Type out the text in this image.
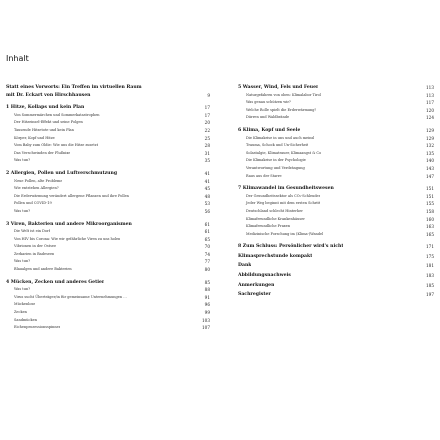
Inhalt
Statt eines Vorworts: Ein Treffen im virtuellen Raum
mit Dr. Eckart von Hirschhausen	9
1 Hitze, Kollaps und kein Plan	17
Von Sommermärchen und Sommerkatastrophen	17
Der Hitzeinsel-Effekt und seine Folgen	20
Tausende Hitzetote und kein Plan	22
Körper, Kopf und Hitze	25
Vom Baby zum Oldie: Wie uns die Hitze zusetzt	28
Das Verschwinden der Flußnixe	31
Was tun?	35
2 Allergien, Pollen und Luftverschmutzung	41
Neue Pollen, alte Probleme	41
Wie entstehen Allergien?	45
Die Erderwärmung verändert allergene Pflanzen und ihre Pollen	48
Pollen und COVID-19	53
Was tun?	56
3 Viren, Bakterien und andere Mikroorganismen	61
Die Welt ist ein Dorf	61
Von HIV bis Corona: Wie wir gefährliche Viren zu uns holen	65
Vibrionen in der Ostsee	70
Zerkarien in Badeseen	74
Was tun?	77
Blaualgen und andere Bakterien	80
4 Mücken, Zecken und anderes Getier	85
Was tun?	88
Virus sucht Überträger/in für gemeinsame Unternehmungen …	91
Mückenlose	96
Zecken	99
Sandmücken	103
Eichenprozessionsspinner	107
5 Wasser, Wind, Fels und Feuer	113
Naturgefahren von oben: Klimalabor Tirol	113
Was genau schützen wir?	117
Welche Rolle spielt die Erderwärmung?	120
Dürren und Waldbrände	124
6 Klima, Kopf und Seele	129
Die Klimakrise in uns und auch meinsl	129
Trauma, Schock und Un-Sicherheit	132
Solastalgie, Klimatrauer, Klimaangst & Co	135
Die Klimakrise in der Psychologie	140
Verantwortung und Verdrängung	143
Raus aus der Starre	147
7 Klimawandel im Gesundheitswesen	151
Der Gesundheitssektor als CO₂-Schleuder	151
Jeder Weg beginnt mit dem ersten Schritt	155
Deutschland schlecht Hinterher	158
Klimafreundliche Krankenhäuser	160
Klimafreundliche Praxen	163
Medizinische Forschung im (Klima-)Wandel	165
8 Zum Schluss: Persönlicher wird's nicht	171
Klimasprechstunde kompakt	175
Dank	181
Abbildungsnachweis	183
Anmerkungen	185
Sachregister	197
